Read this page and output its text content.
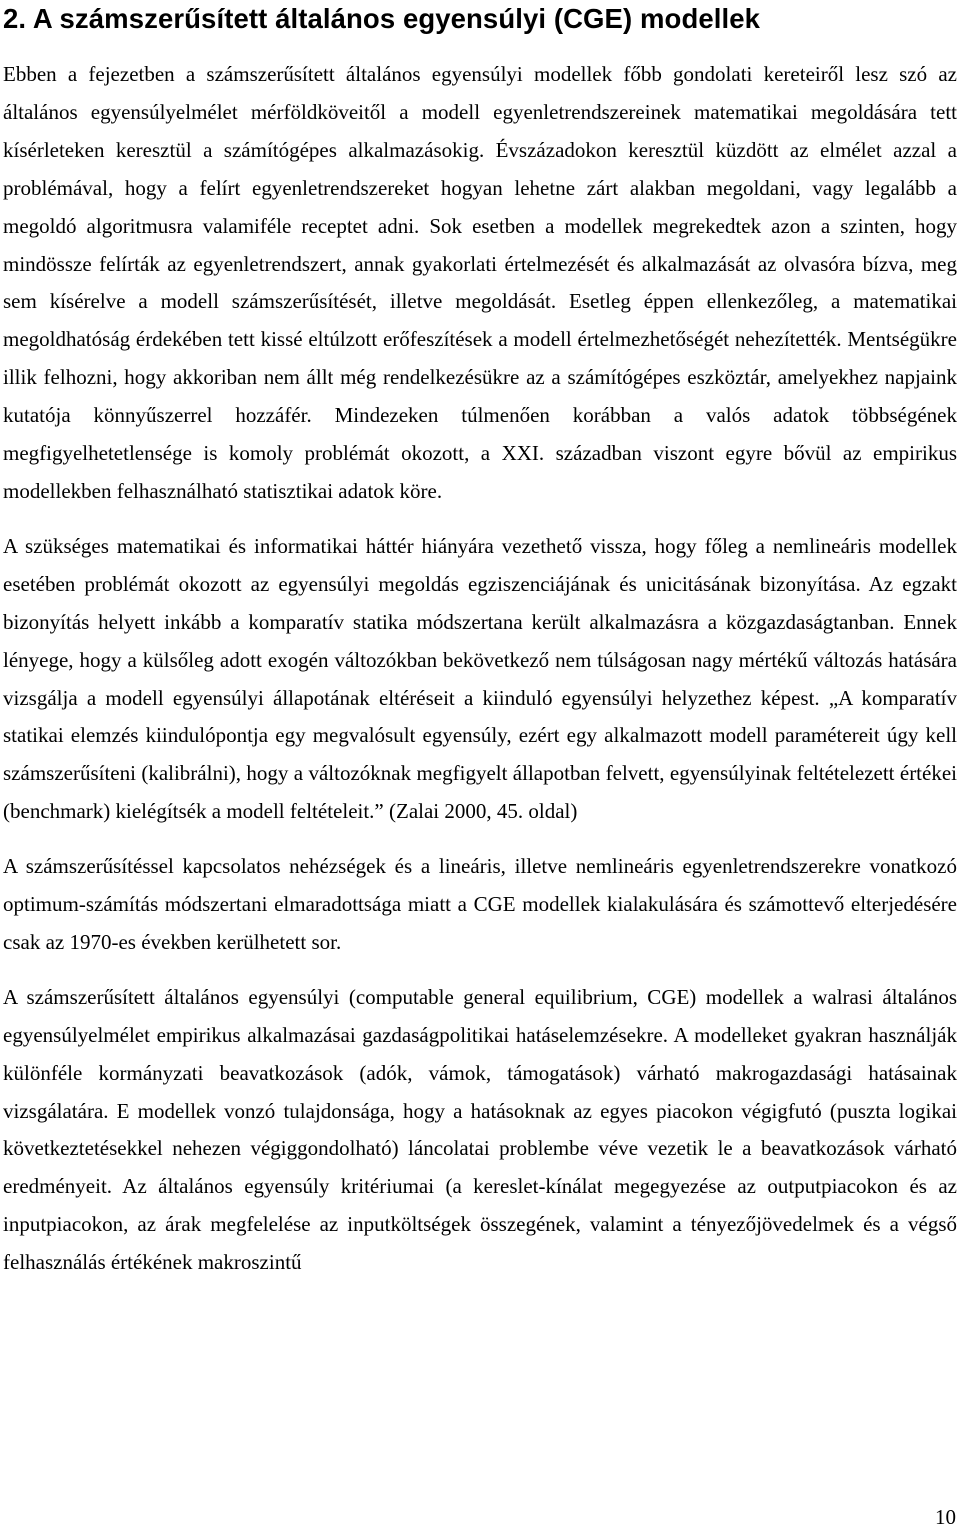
2. A számszerűsített általános egyensúlyi (CGE) modellek

Ebben a fejezetben a számszerűsített általános egyensúlyi modellek főbb gondolati kereteiről lesz szó az általános egyensúlyelmélet mérföldköveitől a modell egyenletrendszereinek matematikai megoldására tett kísérleteken keresztül a számítógépes alkalmazásokig. Évszázadokon keresztül küzdött az elmélet azzal a problémával, hogy a felírt egyenletrendszereket hogyan lehetne zárt alakban megoldani, vagy legalább a megoldó algoritmusra valamiféle receptet adni. Sok esetben a modellek megrekedtek azon a szinten, hogy mindössze felírták az egyenletrendszert, annak gyakorlati értelmezését és alkalmazását az olvasóra bízva, meg sem kísérelve a modell számszerűsítését, illetve megoldását. Esetleg éppen ellenkezőleg, a matematikai megoldhatóság érdekében tett kissé eltúlzott erőfeszítések a modell értelmezhetőségét nehezítették. Mentségükre illik felhozni, hogy akkoriban nem állt még rendelkezésükre az a számítógépes eszköztár, amelyekhez napjaink kutatója könnyűszerrel hozzáfér. Mindezeken túlmenően korábban a valós adatok többségének megfigyelhetetlensége is komoly problémát okozott, a XXI. században viszont egyre bővül az empirikus modellekben felhasználható statisztikai adatok köre.

A szükséges matematikai és informatikai háttér hiányára vezethető vissza, hogy főleg a nemlineáris modellek esetében problémát okozott az egyensúlyi megoldás egziszenciájának és unicitásának bizonyítása. Az egzakt bizonyítás helyett inkább a komparatív statika módszertana került alkalmazásra a közgazdaságtanban. Ennek lényege, hogy a külsőleg adott exogén változókban bekövetkező nem túlságosan nagy mértékű változás hatására vizsgálja a modell egyensúlyi állapotának eltéréseit a kiinduló egyensúlyi helyzethez képest. „A komparatív statikai elemzés kiindulópontja egy megvalósult egyensúly, ezért egy alkalmazott modell paramétereit úgy kell számszerűsíteni (kalibrálni), hogy a változóknak megfigyelt állapotban felvett, egyensúlyinak feltételezett értékei (benchmark) kielégítsék a modell feltételeit.” (Zalai 2000, 45. oldal)

A számszerűsítéssel kapcsolatos nehézségek és a lineáris, illetve nemlineáris egyenletrendszerekre vonatkozó optimum-számítás módszertani elmaradottsága miatt a CGE modellek kialakulására és számottevő elterjedésére csak az 1970-es években kerülhetett sor.

A számszerűsített általános egyensúlyi (computable general equilibrium, CGE) modellek a walrasi általános egyensúlyelmélet empirikus alkalmazásai gazdaságpolitikai hatáselemzésekre. A modelleket gyakran használják különféle kormányzati beavatkozások (adók, vámok, támogatások) várható makrogazdasági hatásainak vizsgálatára. E modellek vonzó tulajdonsága, hogy a hatásoknak az egyes piacokon végigfutó (puszta logikai következtetésekkel nehezen végiggondolható) láncolatai problembe véve vezetik le a beavatkozások várható eredményeit. Az általános egyensúly kritériumai (a kereslet-kínálat megegyezése az outputpiacokon és az inputpiacokon, az árak megfelelése az inputköltségek összegének, valamint a tényezőjövedelmek és a végső felhasználás értékének makroszintű

10
